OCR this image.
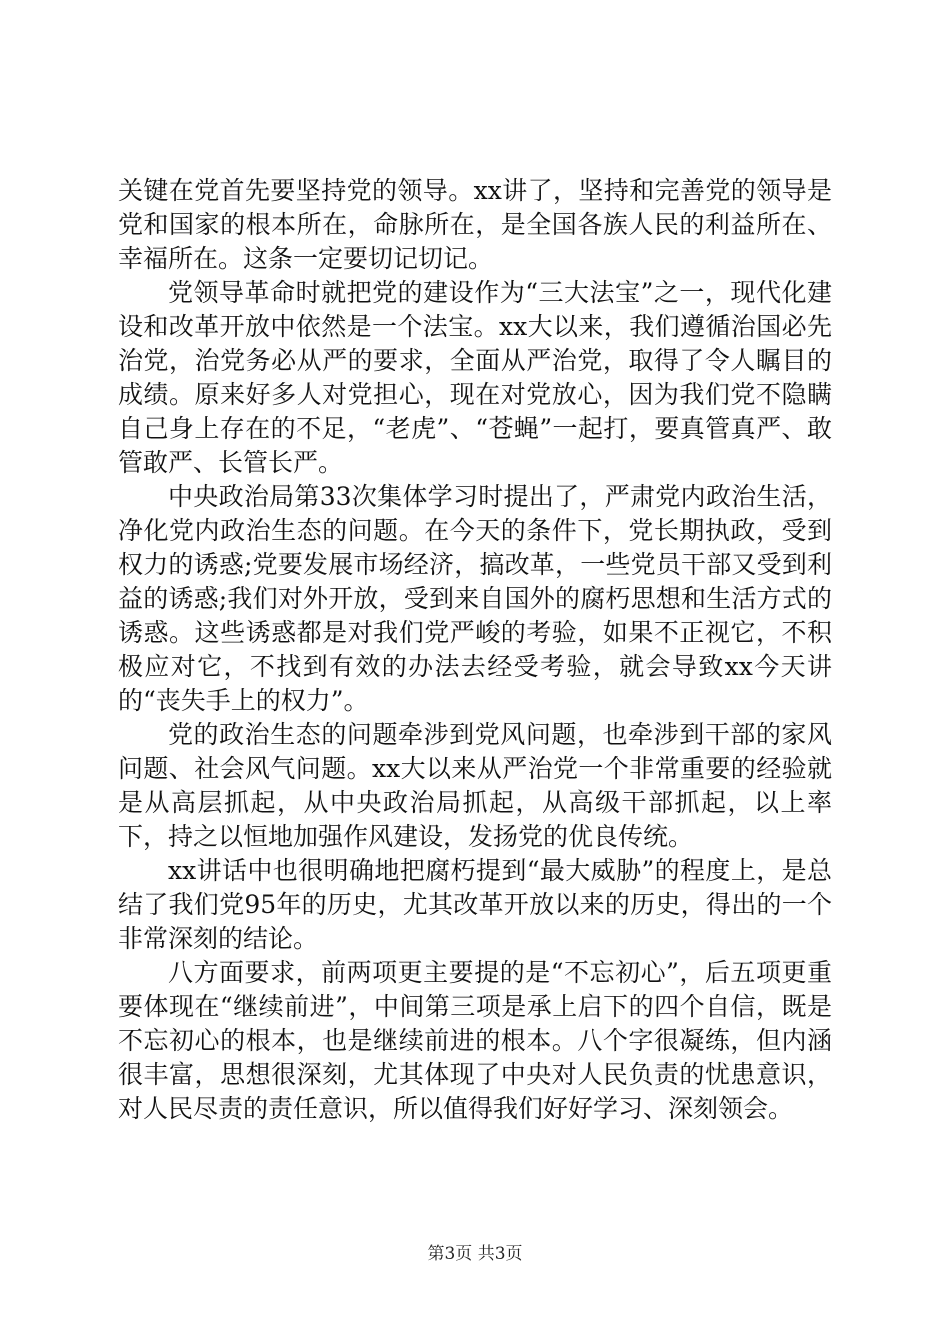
关键在党首先要坚持党的领导。xx讲了，坚持和完善党的领导是党和国家的根本所在，命脉所在，是全国各族人民的利益所在、幸福所在。这条一定要切记切记。

党领导革命时就把党的建设作为“三大法宝”之一，现代化建设和改革开放中依然是一个法宝。xx大以来，我们遵循治国必先治党，治党务必从严的要求，全面从严治党，取得了令人瞩目的成绩。原来好多人对党担心，现在对党放心，因为我们党不隐瞒自己身上存在的不足，“老虎”、“苍蝇”一起打，要真管真严、敢管敢严、长管长严。

中央政治局第33次集体学习时提出了，严肃党内政治生活，净化党内政治生态的问题。在今天的条件下，党长期执政，受到权力的诱惑;党要发展市场经济，搞改革，一些党员干部又受到利益的诱惑;我们对外开放，受到来自国外的腐朽思想和生活方式的诱惑。这些诱惑都是对我们党严峻的考验，如果不正视它，不积极应对它，不找到有效的办法去经受考验，就会导致xx今天讲的“丧失手上的权力”。

党的政治生态的问题牵涉到党风问题，也牵涉到干部的家风问题、社会风气问题。xx大以来从严治党一个非常重要的经验就是从高层抓起，从中央政治局抓起，从高级干部抓起，以上率下，持之以恒地加强作风建设，发扬党的优良传统。

xx讲话中也很明确地把腐朽提到“最大威胁”的程度上，是总结了我们党95年的历史，尤其改革开放以来的历史，得出的一个非常深刻的结论。

八方面要求，前两项更主要提的是“不忘初心”，后五项更重要体现在“继续前进”，中间第三项是承上启下的四个自信，既是不忘初心的根本，也是继续前进的根本。八个字很凝练，但内涵很丰富，思想很深刻，尤其体现了中央对人民负责的忧患意识，对人民尽责的责任意识，所以值得我们好好学习、深刻领会。

第3页 共3页
